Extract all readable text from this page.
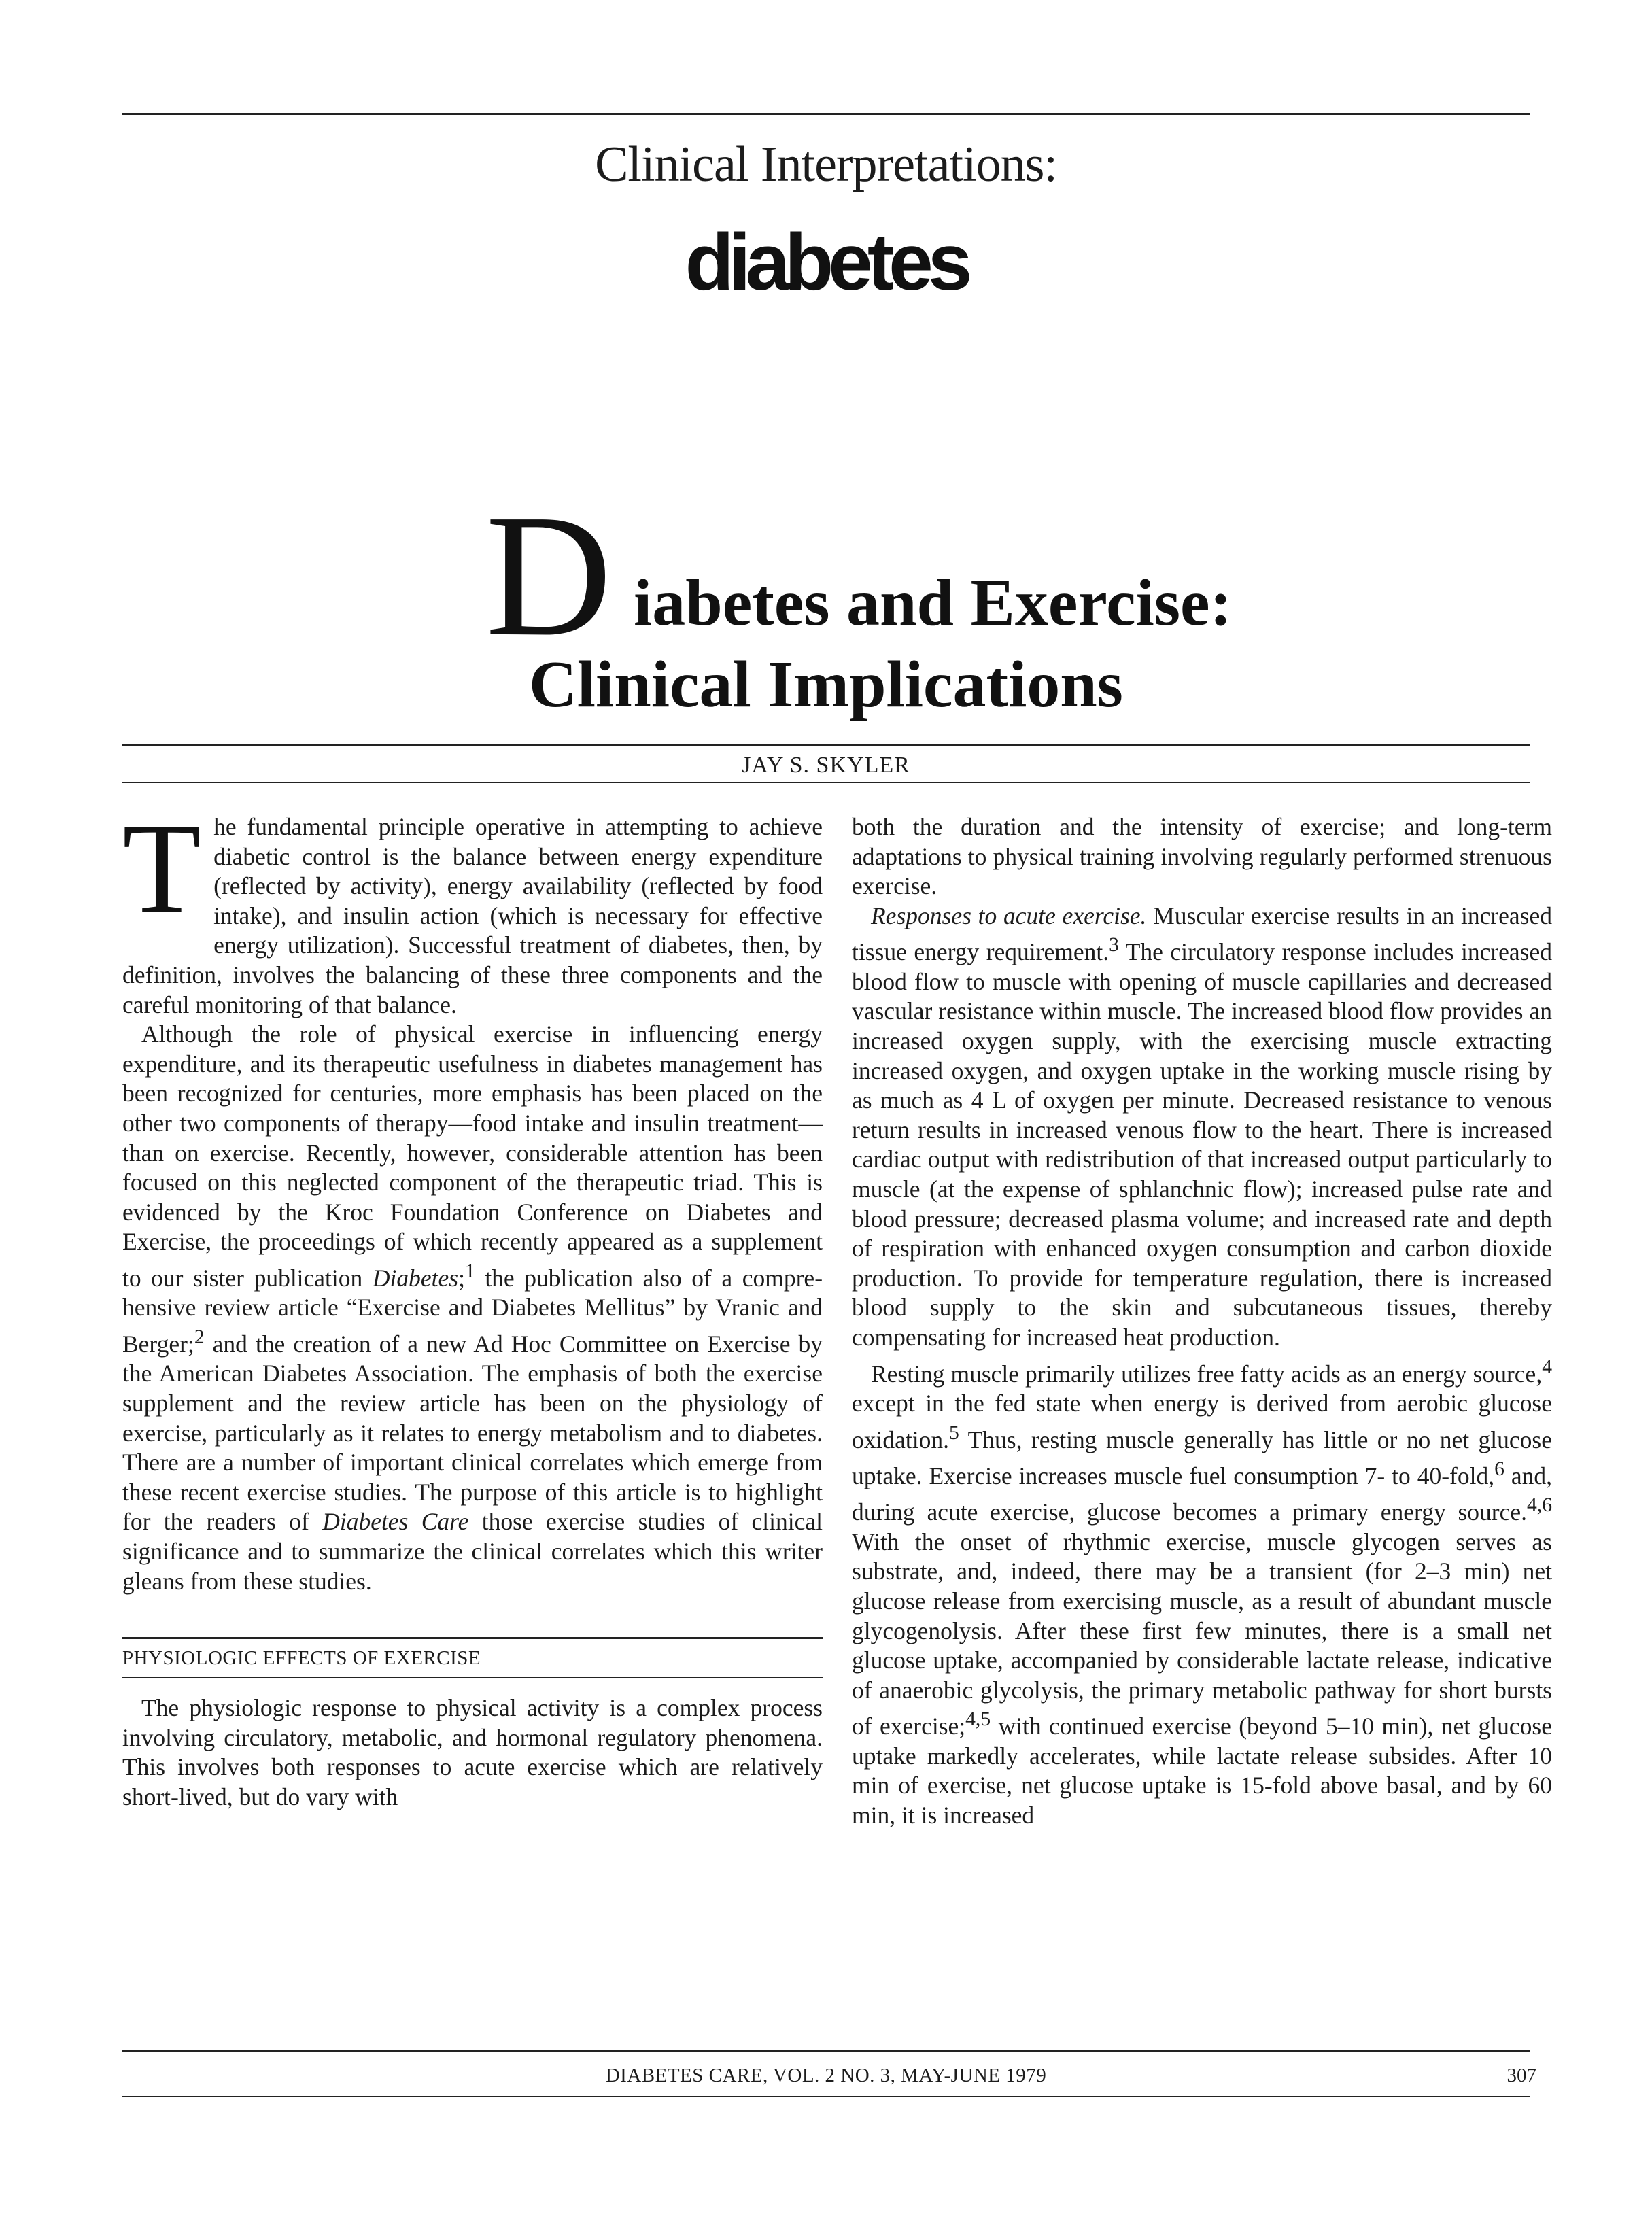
Clinical Interpretations:
diabetes
D iabetes and Exercise:
Clinical Implications
JAY S. SKYLER

The fundamental principle operative in attempting to achieve diabetic control is the balance between energy expenditure (reflected by activity), energy availability (reflected by food intake), and insulin action (which is necessary for effective energy utilization). Successful treatment of diabetes, then, by definition, involves the balancing of these three components and the careful monitoring of that balance.

Although the role of physical exercise in influencing energy expenditure, and its therapeutic usefulness in diabetes management has been recognized for centuries, more emphasis has been placed on the other two components of therapy—food intake and insulin treatment—than on exercise. Recently, however, considerable attention has been focused on this neglected component of the therapeutic triad. This is evidenced by the Kroc Foundation Conference on Diabetes and Exercise, the proceedings of which recently appeared as a supplement to our sister publication Diabetes;$^1$ the publication also of a comprehensive review article “Exercise and Diabetes Mellitus” by Vranic and Berger;$^2$ and the creation of a new Ad Hoc Committee on Exercise by the American Diabetes Association. The emphasis of both the exercise supplement and the review article has been on the physiology of exercise, particularly as it relates to energy metabolism and to diabetes. There are a number of important clinical correlates which emerge from these recent exercise studies. The purpose of this article is to highlight for the readers of Diabetes Care those exercise studies of clinical significance and to summarize the clinical correlates which this writer gleans from these studies.

PHYSIOLOGIC EFFECTS OF EXERCISE

The physiologic response to physical activity is a complex process involving circulatory, metabolic, and hormonal regulatory phenomena. This involves both responses to acute exercise which are relatively short-lived, but do vary with

both the duration and the intensity of exercise; and long-term adaptations to physical training involving regularly performed strenuous exercise.

Responses to acute exercise. Muscular exercise results in an increased tissue energy requirement.$^3$ The circulatory response includes increased blood flow to muscle with opening of muscle capillaries and decreased vascular resistance within muscle. The increased blood flow provides an increased oxygen supply, with the exercising muscle extracting increased oxygen, and oxygen uptake in the working muscle rising by as much as 4 L of oxygen per minute. Decreased resistance to venous return results in increased venous flow to the heart. There is increased cardiac output with redistribution of that increased output particularly to muscle (at the expense of sphlanchnic flow); increased pulse rate and blood pressure; decreased plasma volume; and increased rate and depth of respiration with enhanced oxygen consumption and carbon dioxide production. To provide for temperature regulation, there is increased blood supply to the skin and subcutaneous tissues, thereby compensating for increased heat production.

Resting muscle primarily utilizes free fatty acids as an energy source,$^4$ except in the fed state when energy is derived from aerobic glucose oxidation.$^5$ Thus, resting muscle generally has little or no net glucose uptake. Exercise increases muscle fuel consumption 7- to 40-fold,$^6$ and, during acute exercise, glucose becomes a primary energy source.$^{4,6}$ With the onset of rhythmic exercise, muscle glycogen serves as substrate, and, indeed, there may be a transient (for 2–3 min) net glucose release from exercising muscle, as a result of abundant muscle glycogenolysis. After these first few minutes, there is a small net glucose uptake, accompanied by considerable lactate release, indicative of anaerobic glycolysis, the primary metabolic pathway for short bursts of exercise;$^{4,5}$ with continued exercise (beyond 5–10 min), net glucose uptake markedly accelerates, while lactate release subsides. After 10 min of exercise, net glucose uptake is 15-fold above basal, and by 60 min, it is increased

DIABETES CARE, VOL. 2 NO. 3, MAY-JUNE 1979	307
